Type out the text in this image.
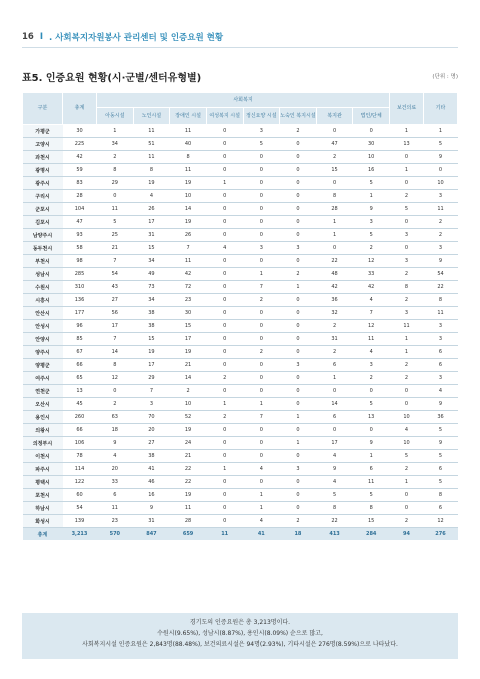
16 Ⅰ . 사회복지자원봉사 관리센터 및 인증요원 현황
표5. 인증요원 현황(시·군별/센터유형별)	(단위 : 명)
구분	총계	사회복지								보건의료	기타
		아동시설	노인시설	장애인 시설	여성복지 시설	정신요양 시설	노숙인 복지시설	복지관	법인/단체		
가평군	30	1	11	11	0	3	2	0	0	1	1
고양시	225	34	51	40	0	5	0	47	30	13	5
과천시	42	2	11	8	0	0	0	2	10	0	9
광명시	59	8	8	11	0	0	0	15	16	1	0
광주시	83	29	19	19	1	0	0	0	5	0	10
구리시	28	0	4	10	0	0	0	8	1	2	3
군포시	104	11	26	14	0	0	0	28	9	5	11
김포시	47	5	17	19	0	0	0	1	3	0	2
남양주시	93	25	31	26	0	0	0	1	5	3	2
동두천시	58	21	15	7	4	3	3	0	2	0	3
부천시	98	7	34	11	0	0	0	22	12	3	9
성남시	285	54	49	42	0	1	2	48	33	2	54
수원시	310	43	73	72	0	7	1	42	42	8	22
시흥시	136	27	34	23	0	2	0	36	4	2	8
안산시	177	56	38	30	0	0	0	32	7	3	11
안성시	96	17	38	15	0	0	0	2	12	11	3
안양시	85	7	15	17	0	0	0	31	11	1	3
양주시	67	14	19	19	0	2	0	2	4	1	6
양평군	66	8	17	21	0	0	3	6	3	2	6
여주시	65	12	29	14	2	0	0	1	2	2	3
연천군	13	0	7	2	0	0	0	0	0	0	4
오산시	45	2	3	10	1	1	0	14	5	0	9
용인시	260	63	70	52	2	7	1	6	13	10	36
의왕시	66	18	20	19	0	0	0	0	0	4	5
의정부시	106	9	27	24	0	0	1	17	9	10	9
이천시	78	4	38	21	0	0	0	4	1	5	5
파주시	114	20	41	22	1	4	3	9	6	2	6
평택시	122	33	46	22	0	0	0	4	11	1	5
포천시	60	6	16	19	0	1	0	5	5	0	8
하남시	54	11	9	11	0	1	0	8	8	0	6
화성시	139	23	31	28	0	4	2	22	15	2	12
총계	3,213	570	847	659	11	41	18	413	284	94	276
경기도의 인증요원은 총 3,213명이다.
수원시(9.65%), 성남시(8.87%), 용인시(8.09%) 순으로 많고,
사회복지시설 인증요원은 2,843명(88.48%), 보건의료시설은 94명(2.93%), 기타시설은 276명(8.59%)으로 나타났다.
